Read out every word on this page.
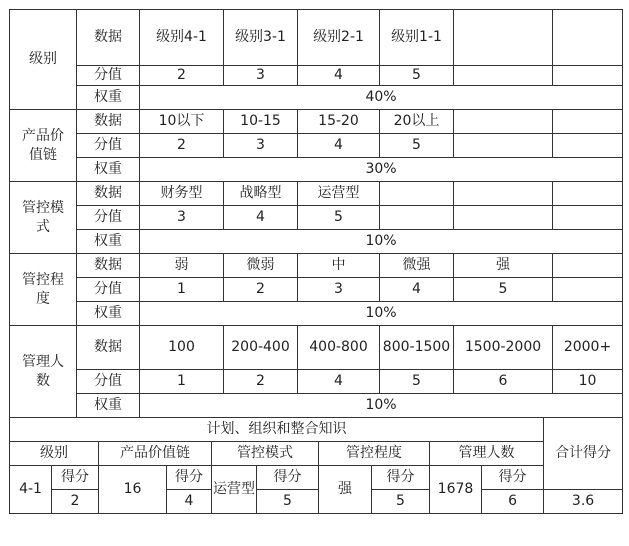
级别	数据	级别4-1	级别3-1	级别2-1	级别1-1		
	分值	2	3	4	5		
	权重	40%					
产品价值链	数据	10以下	10-15	15-20	20以上		
	分值	2	3	4	5		
	权重	30%					
管控模式	数据	财务型	战略型	运营型			
	分值	3	4	5			
	权重	10%					
管控程度	数据	弱	微弱	中	微强	强	
	分值	1	2	3	4	5	
	权重	10%					
管理人数	数据	100	200-400	400-800	800-1500	1500-2000	2000+
	分值	1	2	4	5	6	10
	权重	10%					
计划、组织和整合知识										合计得分
级别		产品价值链		管控模式		管控程度		管理人数		
4-1	得分	16	得分	运营型	得分	强	得分	1678	得分	
	2		4		5		5		6	3.6
